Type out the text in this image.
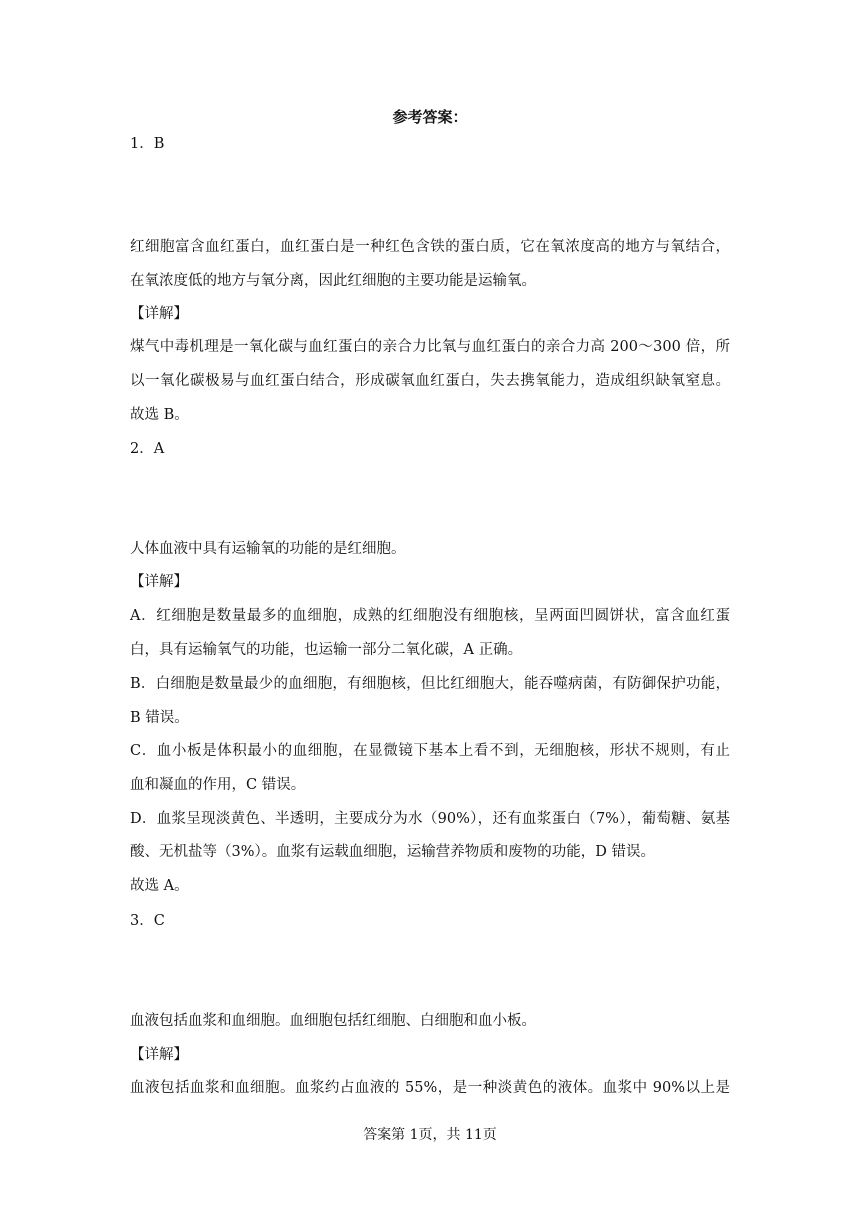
参考答案：
1．B
红细胞富含血红蛋白，血红蛋白是一种红色含铁的蛋白质，它在氧浓度高的地方与氧结合，
在氧浓度低的地方与氧分离，因此红细胞的主要功能是运输氧。
【详解】
煤气中毒机理是一氧化碳与血红蛋白的亲合力比氧与血红蛋白的亲合力高 200～300 倍，所
以一氧化碳极易与血红蛋白结合，形成碳氧血红蛋白，失去携氧能力，造成组织缺氧窒息。
故选 B。
2．A
人体血液中具有运输氧的功能的是红细胞。
【详解】
A．红细胞是数量最多的血细胞，成熟的红细胞没有细胞核，呈两面凹圆饼状，富含血红蛋
白，具有运输氧气的功能，也运输一部分二氧化碳，A 正确。
B．白细胞是数量最少的血细胞，有细胞核，但比红细胞大，能吞噬病菌，有防御保护功能，
B 错误。
C．血小板是体积最小的血细胞，在显微镜下基本上看不到，无细胞核，形状不规则，有止
血和凝血的作用，C 错误。
D．血浆呈现淡黄色、半透明，主要成分为水（90%），还有血浆蛋白（7%），葡萄糖、氨基
酸、无机盐等（3%）。血浆有运载血细胞，运输营养物质和废物的功能，D 错误。
故选 A。
3．C
血液包括血浆和血细胞。血细胞包括红细胞、白细胞和血小板。
【详解】
血液包括血浆和血细胞。血浆约占血液的 55%，是一种淡黄色的液体。血浆中 90%以上是
答案第 1页，共 11页
